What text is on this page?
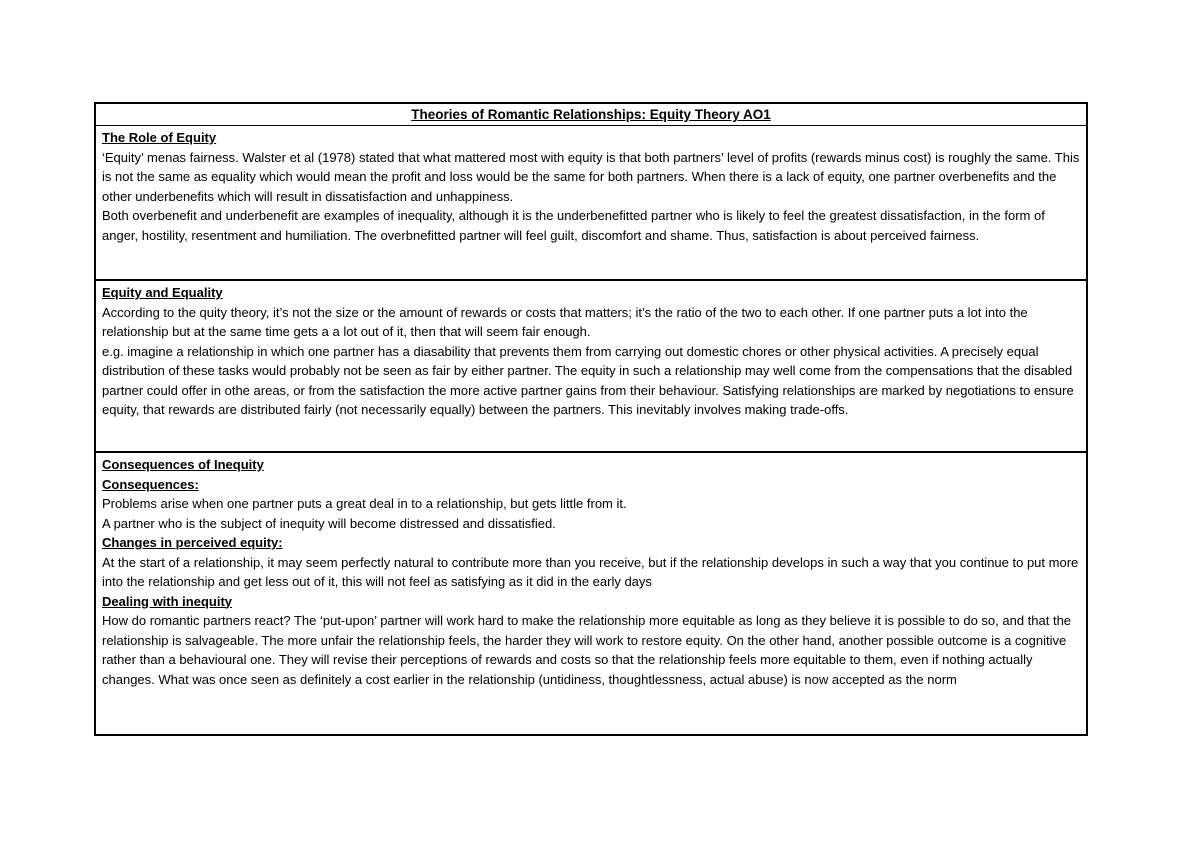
Theories of Romantic Relationships: Equity Theory AO1
The Role of Equity
‘Equity’ menas fairness. Walster et al (1978) stated that what mattered most with equity is that both partners’ level of profits (rewards minus cost) is roughly the same. This is not the same as equality which would mean the profit and loss would be the same for both partners. When there is a lack of equity, one partner overbenefits and the other underbenefits which will result in dissatisfaction and unhappiness.
Both overbenefit and underbenefit are examples of inequality, although it is the underbenefitted partner who is likely to feel the greatest dissatisfaction, in the form of anger, hostility, resentment and humiliation. The overbnefitted partner will feel guilt, discomfort and shame. Thus, satisfaction is about perceived fairness.
Equity and Equality
According to the quity theory, it’s not the size or the amount of rewards or costs that matters; it’s the ratio of the two to each other. If one partner puts a lot into the relationship but at the same time gets a a lot out of it, then that will seem fair enough.
e.g. imagine a relationship in which one partner has a diasability that prevents them from carrying out domestic chores or other physical activities. A precisely equal distribution of these tasks would probably not be seen as fair by either partner. The equity in such a relationship may well come from the compensations that the disabled partner could offer in othe areas, or from the satisfaction the more active partner gains from their behaviour. Satisfying relationships are marked by negotiations to ensure equity, that rewards are distributed fairly (not necessarily equally) between the partners. This inevitably involves making trade-offs.
Consequences of Inequity
Consequences:
Problems arise when one partner puts a great deal in to a relationship, but gets little from it.
A partner who is the subject of inequity will become distressed and dissatisfied.
Changes in perceived equity:
At the start of a relationship, it may seem perfectly natural to contribute more than you receive, but if the relationship develops in such a way that you continue to put more into the relationship and get less out of it, this will not feel as satisfying as it did in the early days
Dealing with inequity
How do romantic partners react? The ‘put-upon’ partner will work hard to make the relationship more equitable as long as they believe it is possible to do so, and that the relationship is salvageable. The more unfair the relationship feels, the harder they will work to restore equity. On the other hand, another possible outcome is a cognitive rather than a behavioural one. They will revise their perceptions of rewards and costs so that the relationship feels more equitable to them, even if nothing actually changes. What was once seen as definitely a cost earlier in the relationship (untidiness, thoughtlessness, actual abuse) is now accepted as the norm
